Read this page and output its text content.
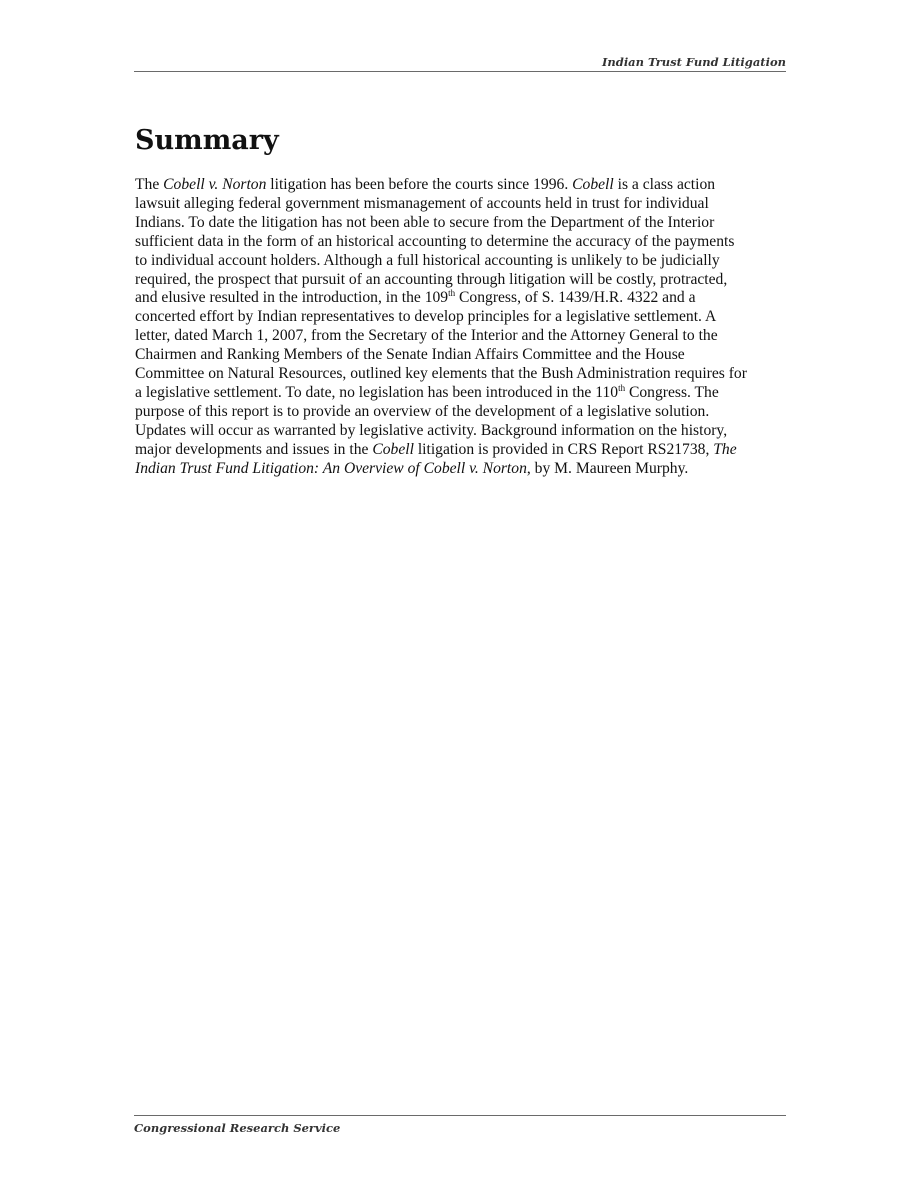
Indian Trust Fund Litigation
Summary
The Cobell v. Norton litigation has been before the courts since 1996. Cobell is a class action
lawsuit alleging federal government mismanagement of accounts held in trust for individual
Indians. To date the litigation has not been able to secure from the Department of the Interior
sufficient data in the form of an historical accounting to determine the accuracy of the payments
to individual account holders. Although a full historical accounting is unlikely to be judicially
required, the prospect that pursuit of an accounting through litigation will be costly, protracted,
and elusive resulted in the introduction, in the 109th Congress, of S. 1439/H.R. 4322 and a
concerted effort by Indian representatives to develop principles for a legislative settlement. A
letter, dated March 1, 2007, from the Secretary of the Interior and the Attorney General to the
Chairmen and Ranking Members of the Senate Indian Affairs Committee and the House
Committee on Natural Resources, outlined key elements that the Bush Administration requires for
a legislative settlement. To date, no legislation has been introduced in the 110th Congress. The
purpose of this report is to provide an overview of the development of a legislative solution.
Updates will occur as warranted by legislative activity. Background information on the history,
major developments and issues in the Cobell litigation is provided in CRS Report RS21738, The
Indian Trust Fund Litigation: An Overview of Cobell v. Norton, by M. Maureen Murphy.
Congressional Research Service
